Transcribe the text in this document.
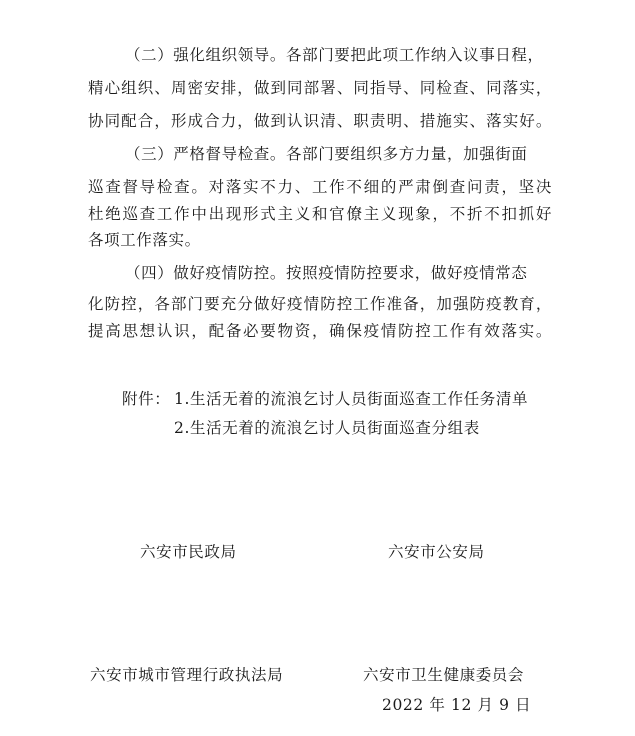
（二）强化组织领导。各部门要把此项工作纳入议事日程，
精心组织、周密安排，做到同部署、同指导、同检查、同落实，
协同配合，形成合力，做到认识清、职责明、措施实、落实好。
（三）严格督导检查。各部门要组织多方力量，加强街面
巡查督导检查。对落实不力、工作不细的严肃倒查问责，坚决
杜绝巡查工作中出现形式主义和官僚主义现象，不折不扣抓好
各项工作落实。
（四）做好疫情防控。按照疫情防控要求，做好疫情常态
化防控，各部门要充分做好疫情防控工作准备，加强防疫教育，
提高思想认识，配备必要物资，确保疫情防控工作有效落实。
附件： 1.生活无着的流浪乞讨人员街面巡查工作任务清单
2.生活无着的流浪乞讨人员街面巡查分组表
六安市民政局	六安市公安局
六安市城市管理行政执法局	六安市卫生健康委员会
2022 年 12 月 9 日
